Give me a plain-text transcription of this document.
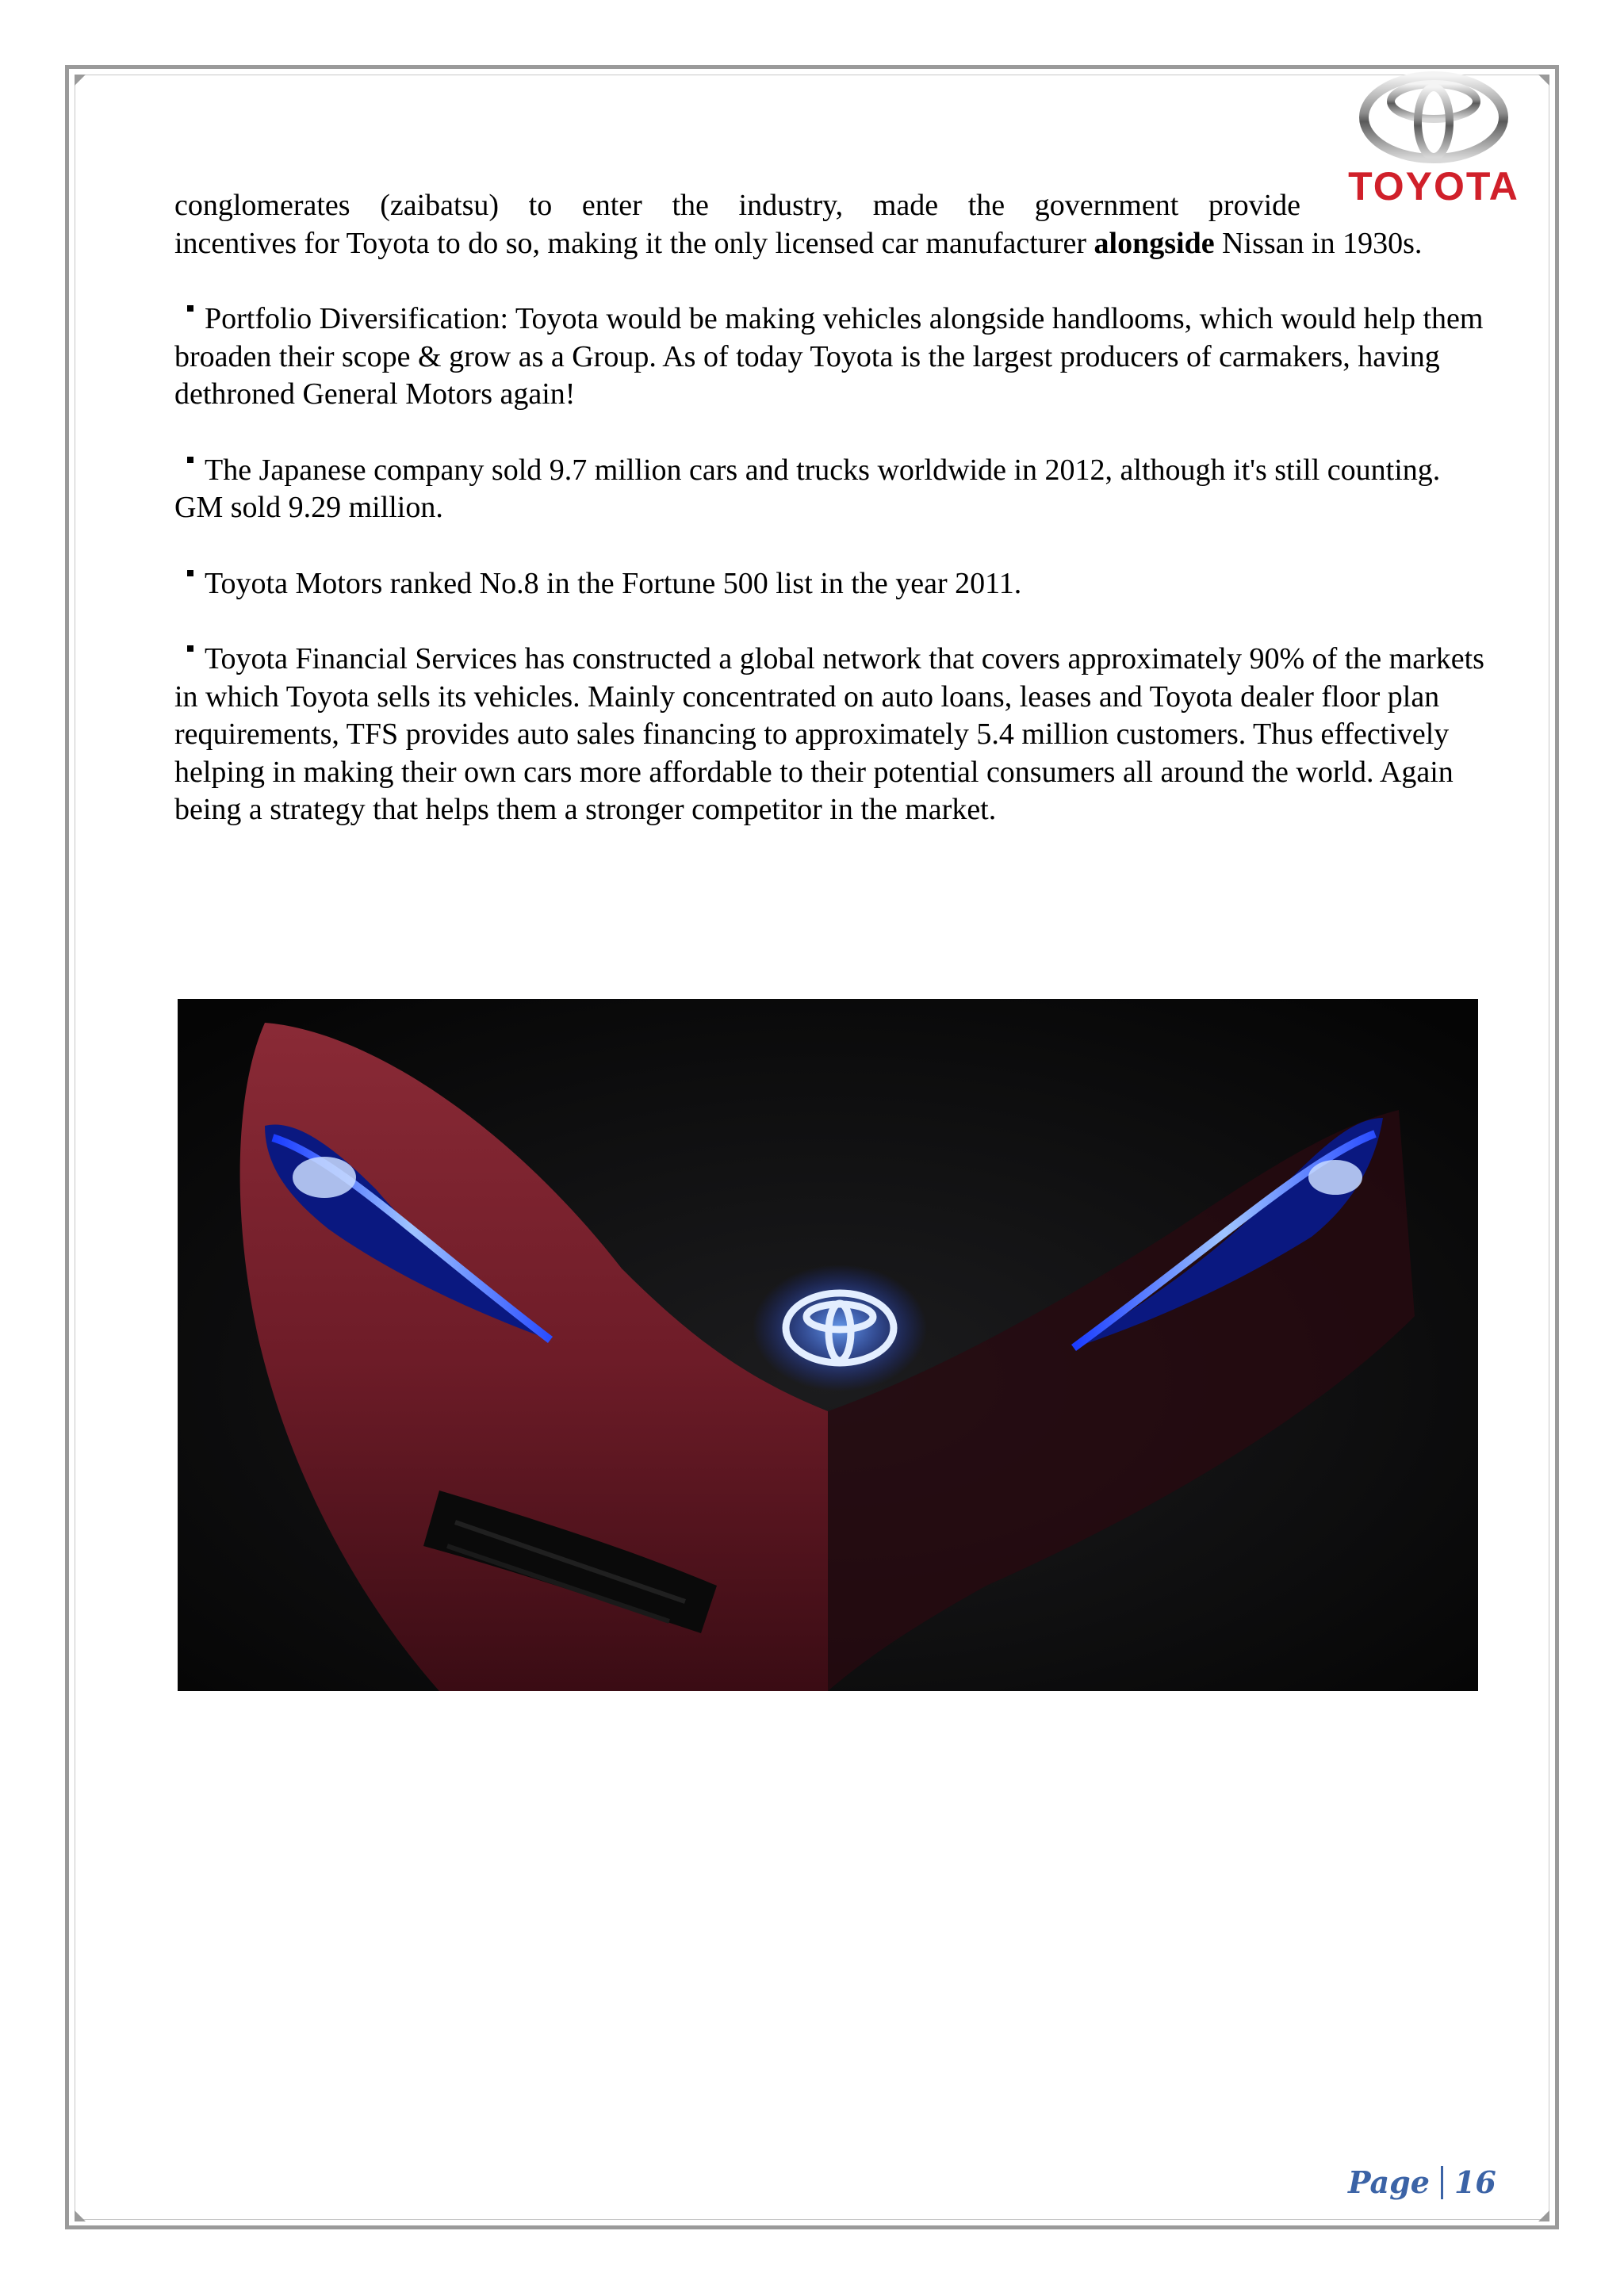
TOYOTA

conglomerates (zaibatsu) to enter the industry, made the government provide
incentives for Toyota to do so, making it the only licensed car manufacturer alongside Nissan in 1930s.

Portfolio Diversification: Toyota would be making vehicles alongside handlooms, which would help them broaden their scope & grow as a Group. As of today Toyota is the largest producers of carmakers, having dethroned General Motors again!

The Japanese company sold 9.7 million cars and trucks worldwide in 2012, although it's still counting. GM sold 9.29 million.

Toyota Motors ranked No.8 in the Fortune 500 list in the year 2011.

Toyota Financial Services has constructed a global network that covers approximately 90% of the markets in which Toyota sells its vehicles. Mainly concentrated on auto loans, leases and Toyota dealer floor plan requirements, TFS provides auto sales financing to approximately 5.4 million customers. Thus effectively helping in making their own cars more affordable to their potential consumers all around the world. Again being a strategy that helps them a stronger competitor in the market.

Page 16
